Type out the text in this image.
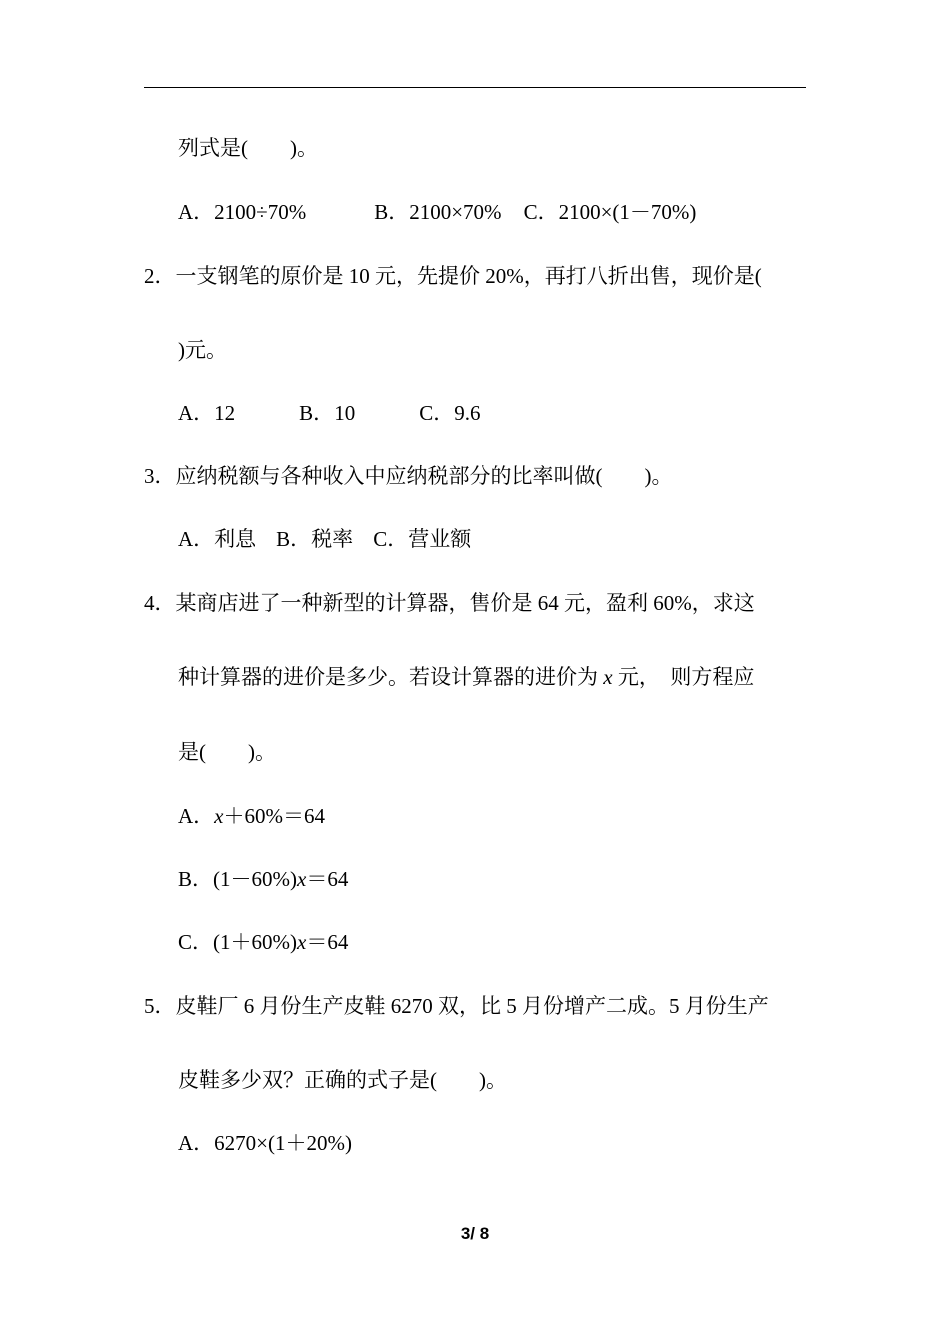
列式是(　　)。
A．2100÷70%	B．2100×70% C．2100×(1－70%)
2．一支钢笔的原价是 10 元，先提价 20%，再打八折出售，现价是(
)元。
A．12	B．10	C．9.6
3．应纳税额与各种收入中应纳税部分的比率叫做(　　)。
A．利息 B．税率 C．营业额
4．某商店进了一种新型的计算器，售价是 64 元，盈利 60%，求这
种计算器的进价是多少。若设计算器的进价为 x 元，　则方程应
是(　　)。
A．x＋60%＝64
B．(1－60%)x＝64
C．(1＋60%)x＝64
5．皮鞋厂 6 月份生产皮鞋 6270 双，比 5 月份增产二成。5 月份生产
皮鞋多少双？正确的式子是(　　)。
A．6270×(1＋20%)
3/ 8
